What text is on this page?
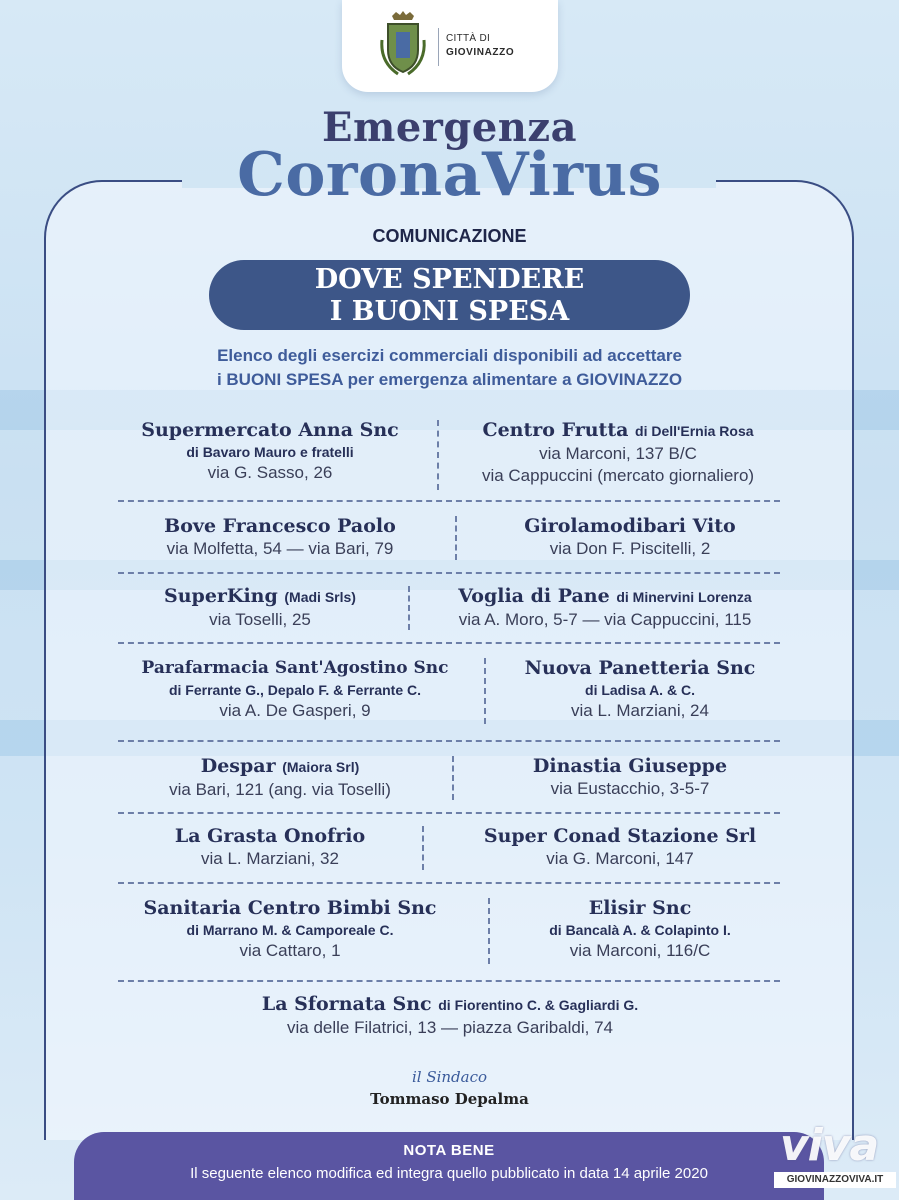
CITTÀ DI
GIOVINAZZO
Emergenza
CoronaVirus
COMUNICAZIONE
DOVE SPENDERE
I BUONI SPESA
Elenco degli esercizi commerciali disponibili ad accettare
i BUONI SPESA per emergenza alimentare a GIOVINAZZO
Supermercato Anna Snc
di Bavaro Mauro e fratelli
via G. Sasso, 26
Centro Frutta di Dell'Ernia Rosa
via Marconi, 137 B/C
via Cappuccini (mercato giornaliero)
Bove Francesco Paolo
via Molfetta, 54 — via Bari, 79
Girolamodibari Vito
via Don F. Piscitelli, 2
SuperKing (Madi Srls)
via Toselli, 25
Voglia di Pane di Minervini Lorenza
via A. Moro, 5-7 — via Cappuccini, 115
Parafarmacia Sant'Agostino Snc
di Ferrante G., Depalo F. & Ferrante C.
via A. De Gasperi, 9
Nuova Panetteria Snc
di Ladisa A. & C.
via L. Marziani, 24
Despar (Maiora Srl)
via Bari, 121 (ang. via Toselli)
Dinastia Giuseppe
via Eustacchio, 3-5-7
La Grasta Onofrio
via L. Marziani, 32
Super Conad Stazione Srl
via G. Marconi, 147
Sanitaria Centro Bimbi Snc
di Marrano M. & Camporeale C.
via Cattaro, 1
Elisir Snc
di Bancalà A. & Colapinto I.
via Marconi, 116/C
La Sfornata Snc di Fiorentino C. & Gagliardi G.
via delle Filatrici, 13 — piazza Garibaldi, 74
il Sindaco
Tommaso Depalma
NOTA BENE
Il seguente elenco modifica ed integra quello pubblicato in data 14 aprile 2020
viva
GIOVINAZZOVIVA.IT
